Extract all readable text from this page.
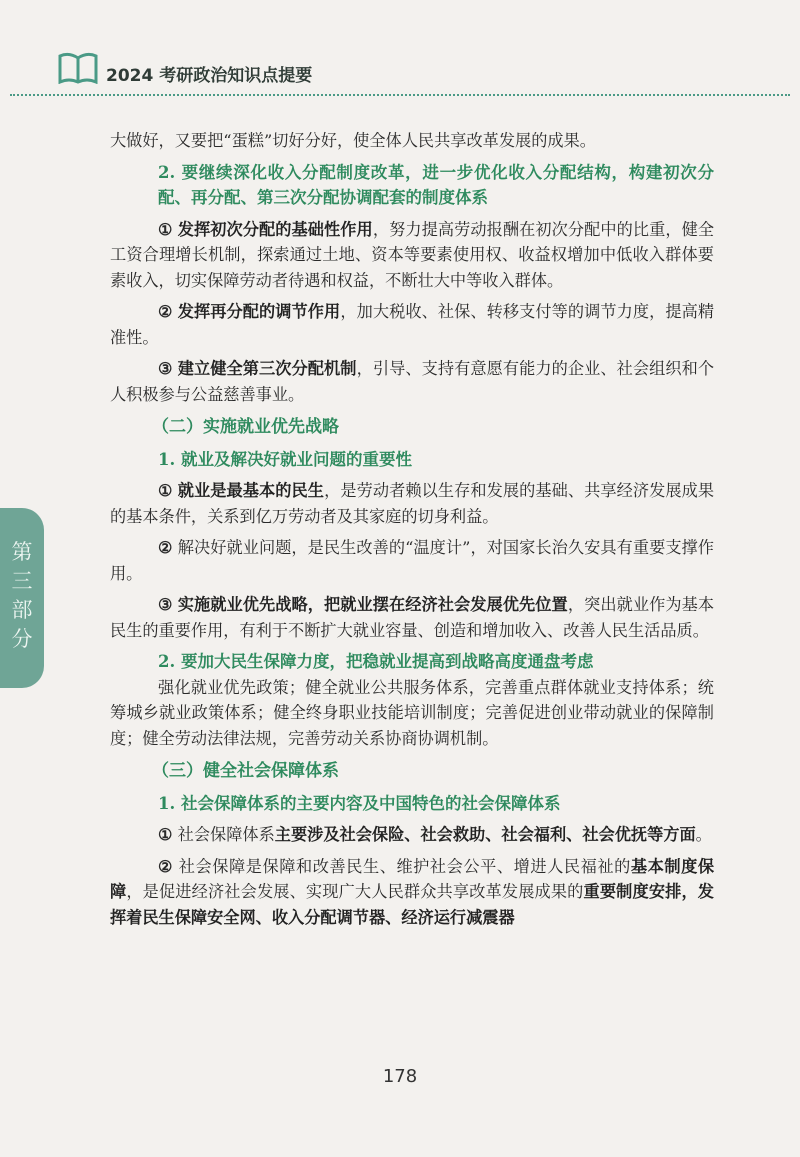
2024 考研政治知识点提要
第
三
部
分

大做好，又要把“蛋糕”切好分好，使全体人民共享改革发展的成果。

2. 要继续深化收入分配制度改革，进一步优化收入分配结构，构建初次分配、再分配、第三次分配协调配套的制度体系

① 发挥初次分配的基础性作用，努力提高劳动报酬在初次分配中的比重，健全工资合理增长机制，探索通过土地、资本等要素使用权、收益权增加中低收入群体要素收入，切实保障劳动者待遇和权益，不断壮大中等收入群体。

② 发挥再分配的调节作用，加大税收、社保、转移支付等的调节力度，提高精准性。

③ 建立健全第三次分配机制，引导、支持有意愿有能力的企业、社会组织和个人积极参与公益慈善事业。

（二）实施就业优先战略

1. 就业及解决好就业问题的重要性

① 就业是最基本的民生，是劳动者赖以生存和发展的基础、共享经济发展成果的基本条件，关系到亿万劳动者及其家庭的切身利益。

② 解决好就业问题，是民生改善的“温度计”，对国家长治久安具有重要支撑作用。

③ 实施就业优先战略，把就业摆在经济社会发展优先位置，突出就业作为基本民生的重要作用，有利于不断扩大就业容量、创造和增加收入、改善人民生活品质。

2. 要加大民生保障力度，把稳就业提高到战略高度通盘考虑

强化就业优先政策；健全就业公共服务体系，完善重点群体就业支持体系；统筹城乡就业政策体系；健全终身职业技能培训制度；完善促进创业带动就业的保障制度；健全劳动法律法规，完善劳动关系协商协调机制。

（三）健全社会保障体系

1. 社会保障体系的主要内容及中国特色的社会保障体系

① 社会保障体系主要涉及社会保险、社会救助、社会福利、社会优抚等方面。

② 社会保障是保障和改善民生、维护社会公平、增进人民福祉的基本制度保障，是促进经济社会发展、实现广大人民群众共享改革发展成果的重要制度安排，发挥着民生保障安全网、收入分配调节器、经济运行减震器

178
